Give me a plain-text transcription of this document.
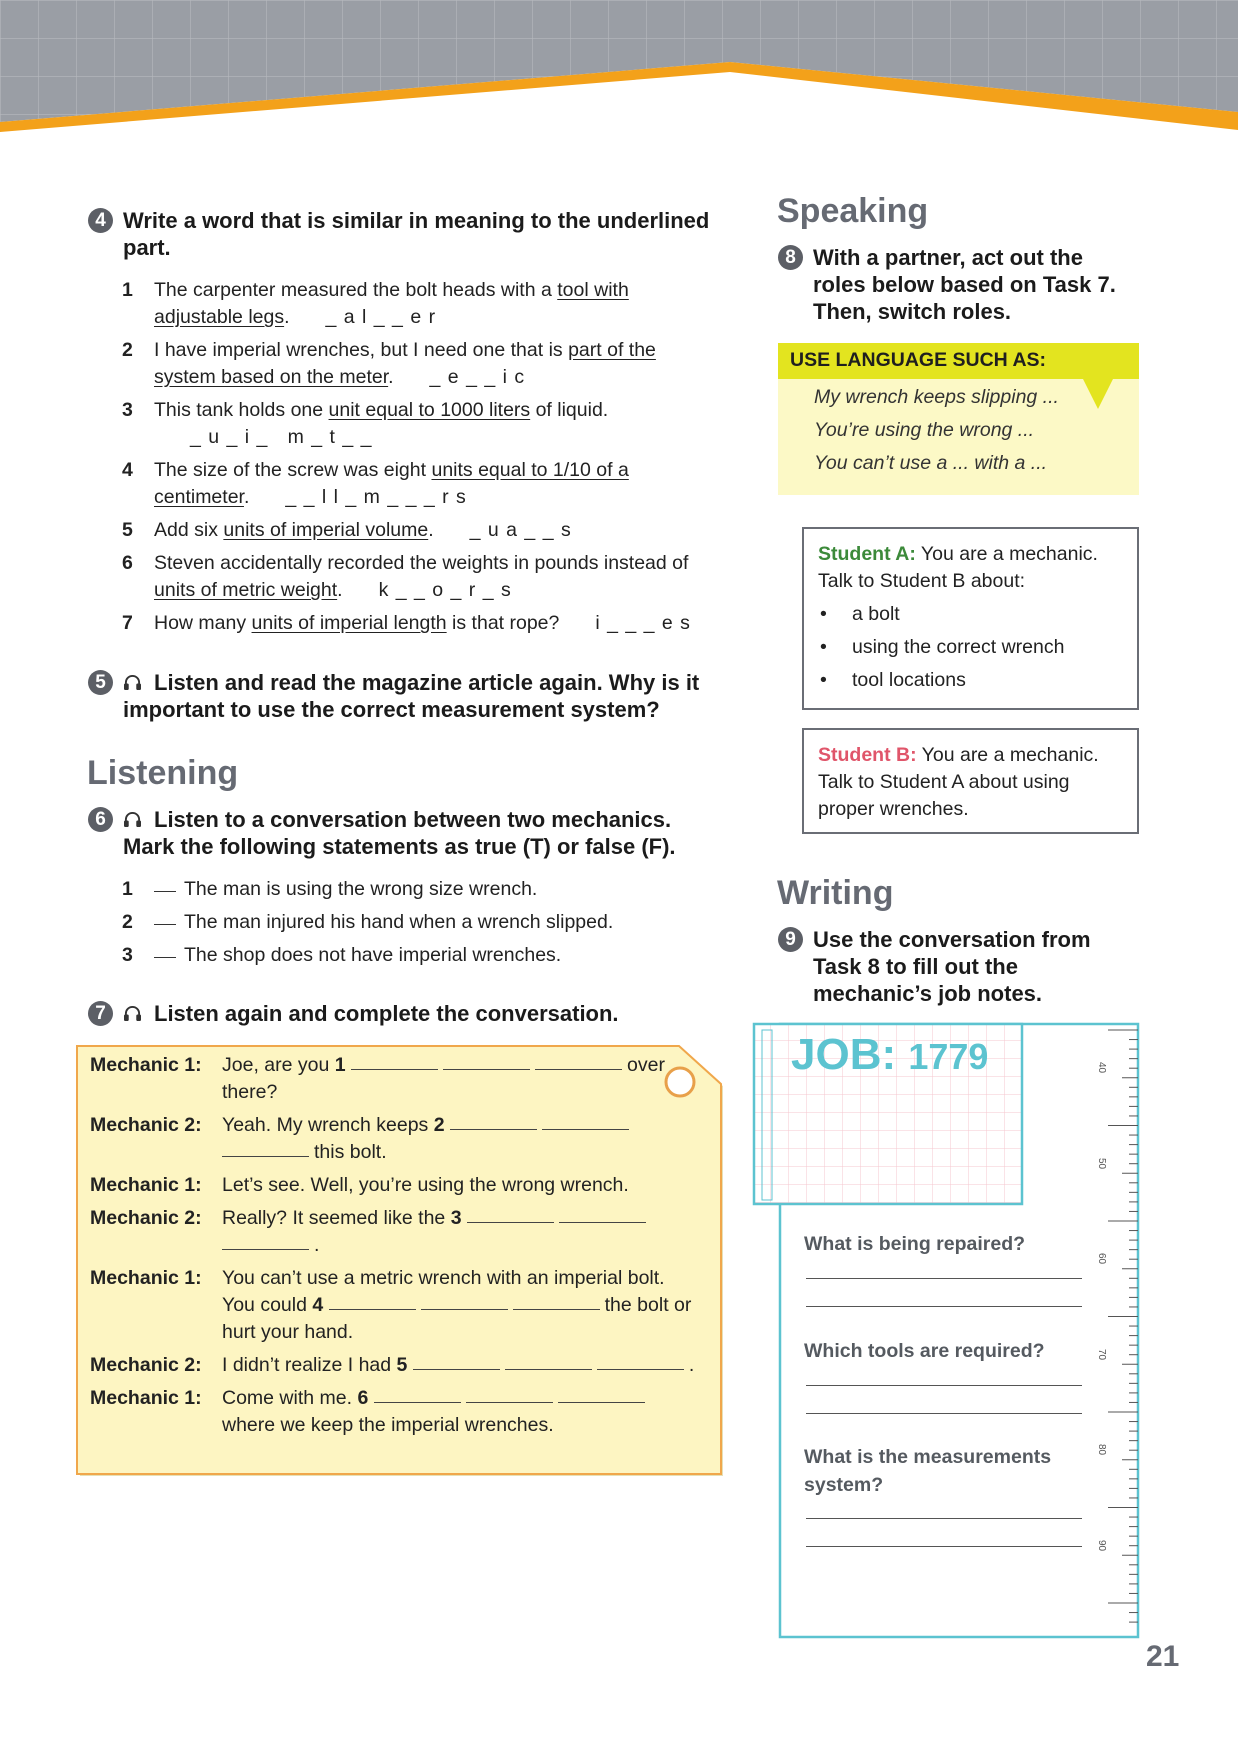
4 Write a word that is similar in meaning to the underlined part.
1 The carpenter measured the bolt heads with a tool with adjustable legs. _ a l _ _ e r
2 I have imperial wrenches, but I need one that is part of the system based on the meter. _ e _ _ i c
3 This tank holds one unit equal to 1000 liters of liquid._ u _ i _   m _ t _ _
4 The size of the screw was eight units equal to 1/10 of a centimeter. _ _ l l _ m _ _ _ r s
5 Add six units of imperial volume. _ u a _ _ s
6 Steven accidentally recorded the weights in pounds instead of units of metric weight. k _ _ o _ r _ s
7 How many units of imperial length is that rope? i _ _ _ e s
5	Listen and read the magazine article again. Why is it important to use the correct measurement system?
Listening
6	Listen to a conversation between two mechanics. Mark the following statements as true (T) or false (F).
1	The man is using the wrong size wrench.
2	The man injured his hand when a wrench slipped.
3	The shop does not have imperial wrenches.
7	Listen again and complete the conversation.
Mechanic 1: Joe, are you 1	over there?
Mechanic 2: Yeah. My wrench keeps 2 this bolt.
Mechanic 1: Let’s see. Well, you’re using the wrong wrench.
Mechanic 2: Really? It seemed like the 3 .
Mechanic 1: You can’t use a metric wrench with an imperial bolt. You could 4	the bolt or hurt your hand.
Mechanic 2: I didn’t realize I had 5	.
Mechanic 1: Come with me. 6 where we keep the imperial wrenches.
Speaking
8 With a partner, act out the roles below based on Task 7. Then, switch roles.
USE LANGUAGE SUCH AS:
My wrench keeps slipping ...
You’re using the wrong ...
You can’t use a ... with a ...
Student A: You are a mechanic. Talk to Student B about:
• a bolt
• using the correct wrench
• tool locations
Student B: You are a mechanic. Talk to Student A about using proper wrenches.
Writing
9 Use the conversation from Task 8 to fill out the mechanic’s job notes.
JOB: 1779	40
50
60
70
80
90
What is being repaired?
Which tools are required?
What is the measurements system?
21
